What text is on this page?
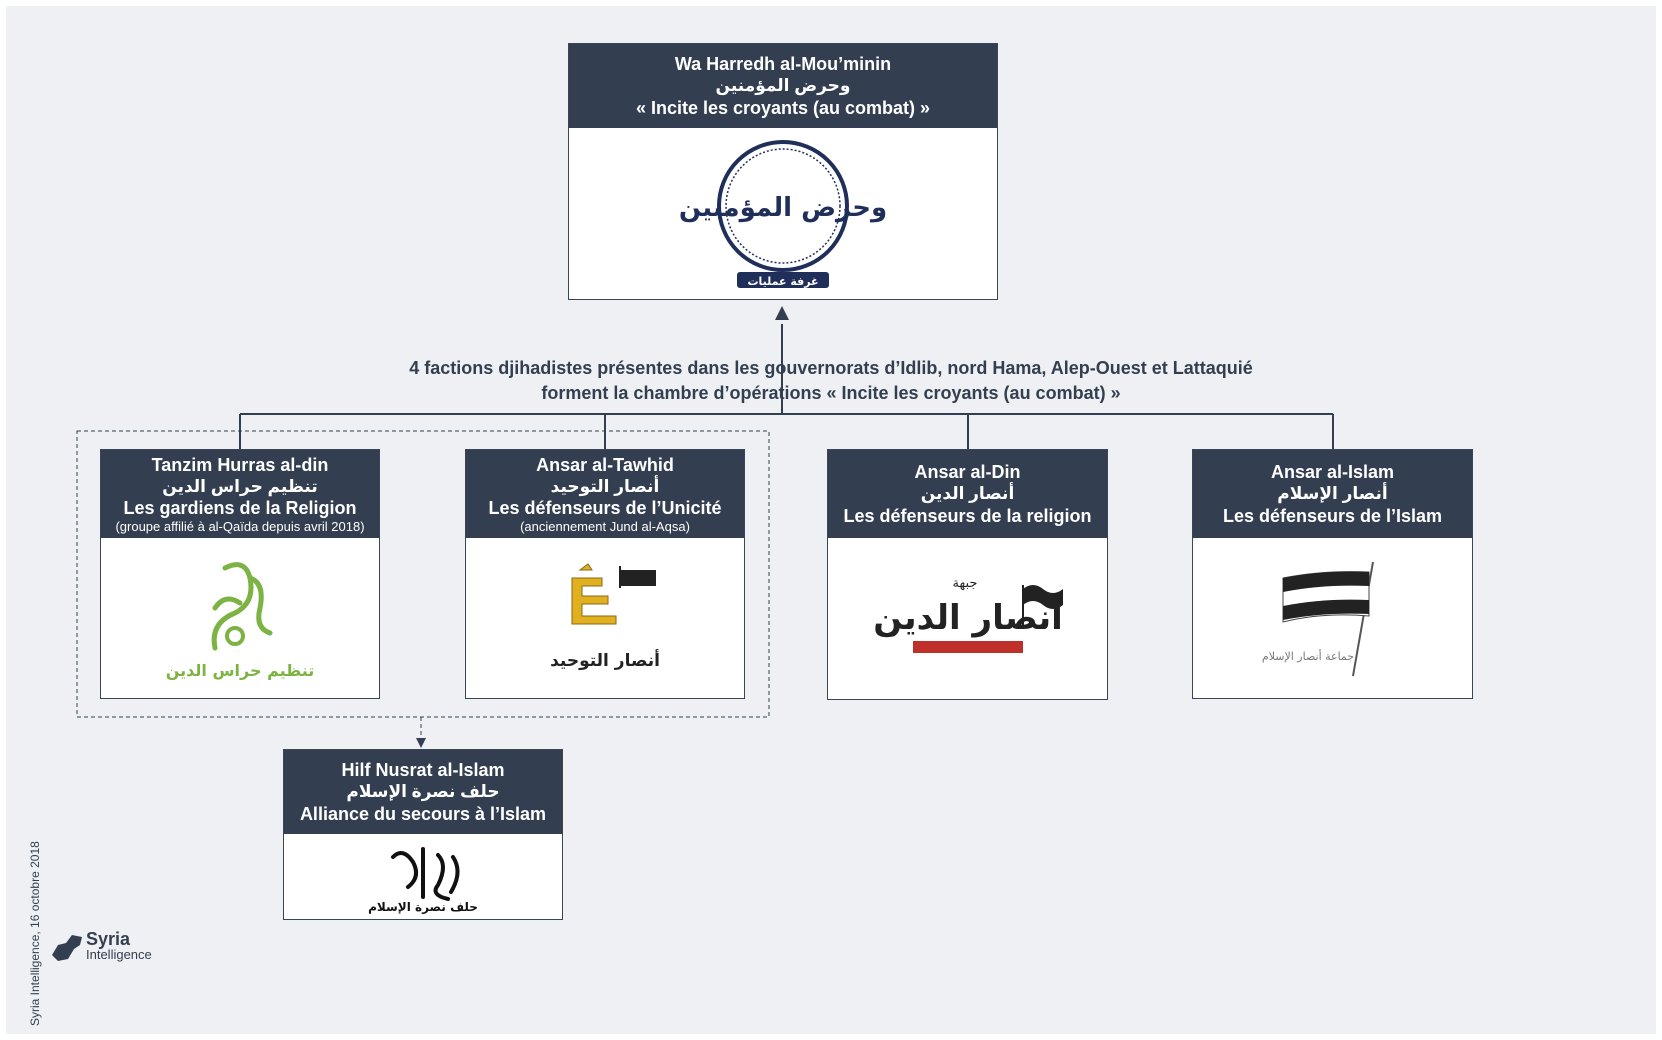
Wa Harredh al-Mou’minin
وحرض المؤمنين
« Incite les croyants (au combat) »
وحرض المؤمنين
غرفة عمليات
4 factions djihadistes présentes dans les gouvernorats d’Idlib, nord Hama, Alep-Ouest et Lattaquié
forment la chambre d’opérations « Incite les croyants (au combat) »
Tanzim Hurras al-din
تنظيم حراس الدين
Les gardiens de la Religion
(groupe affilié à al-Qaïda depuis avril 2018)
تنظيم حراس الدين
Ansar al-Tawhid
أنصار التوحيد
Les défenseurs de l’Unicité
(anciennement Jund al-Aqsa)
أنصار التوحيد
Ansar al-Din
أنصار الدين
Les défenseurs de la religion
جبهة
أنصار الدين
Ansar al-Islam
أنصار الإسلام
Les défenseurs de l’Islam
جماعة أنصار الإسلام
Hilf Nusrat al-Islam
حلف نصرة الإسلام
Alliance du secours à l’Islam
حلف نصرة الإسلام
Syria Intelligence, 16 octobre 2018 Syria
Intelligence
